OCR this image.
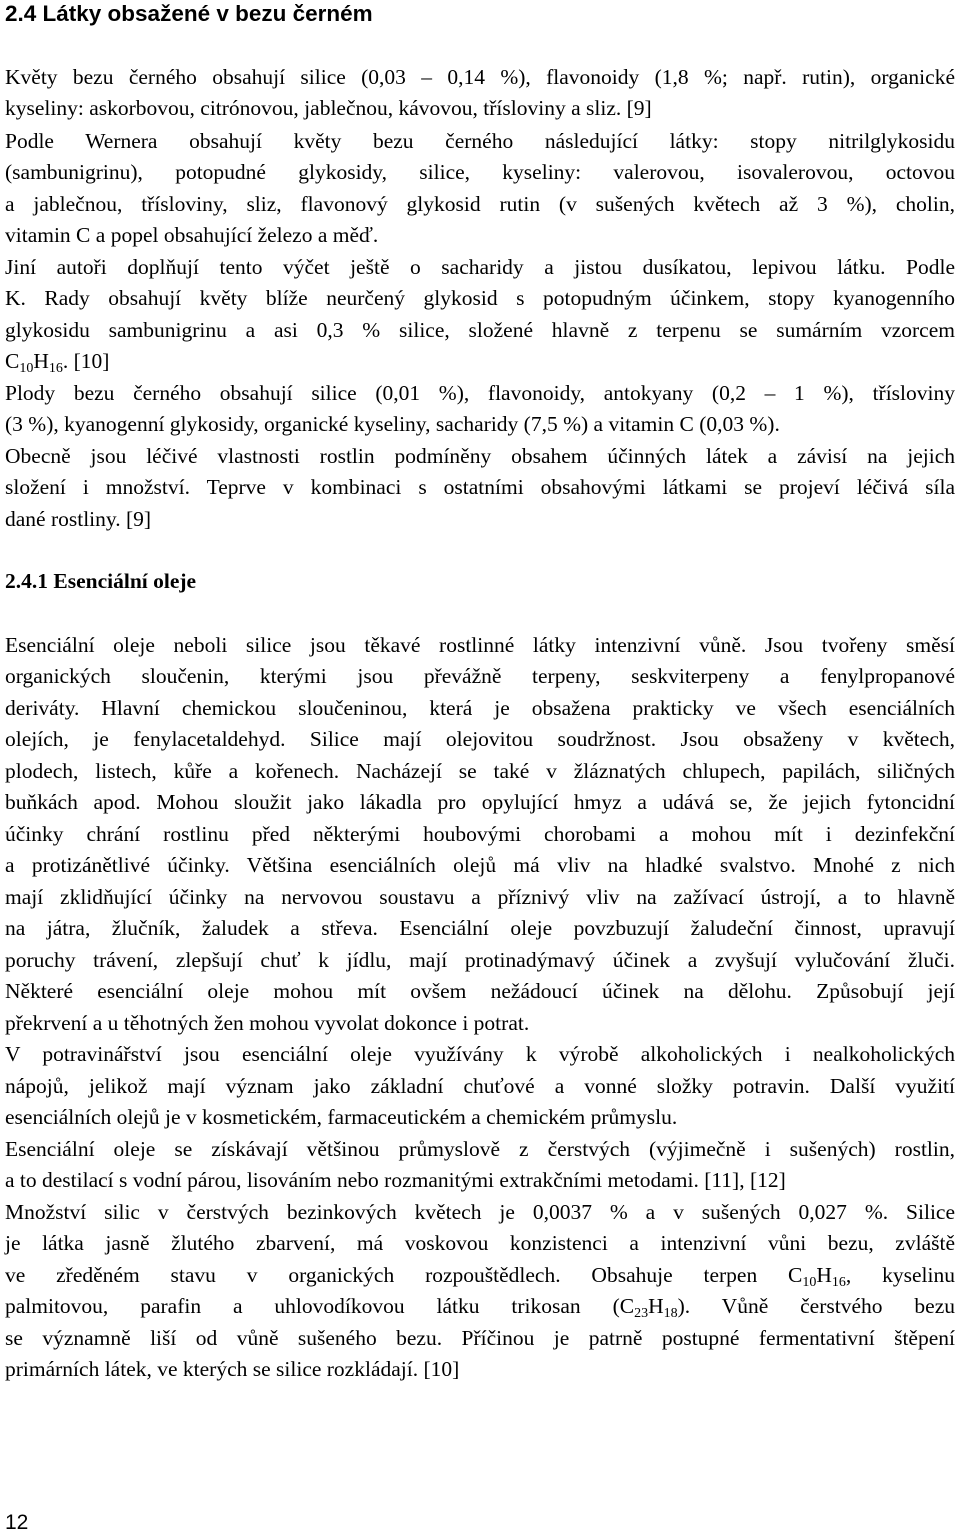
2.4 Látky obsažené v bezu černém
Květy bezu černého obsahují silice (0,03 – 0,14 %), flavonoidy (1,8 %; např. rutin), organické
kyseliny: askorbovou, citrónovou, jablečnou, kávovou, třísloviny a sliz. [9]
Podle Wernera obsahují květy bezu černého následující látky: stopy nitrilglykosidu
(sambunigrinu), potopudné glykosidy, silice, kyseliny: valerovou, isovalerovou, octovou
a jablečnou, třísloviny, sliz, flavonový glykosid rutin (v sušených květech až 3 %), cholin,
vitamin C a popel obsahující železo a měď.
Jiní autoři doplňují tento výčet ještě o sacharidy a jistou dusíkatou, lepivou látku. Podle
K. Rady obsahují květy blíže neurčený glykosid s potopudným účinkem, stopy kyanogenního
glykosidu sambunigrinu a asi 0,3 % silice, složené hlavně z terpenu se sumárním vzorcem
$C_{10}H_{16}$. [10]
Plody bezu černého obsahují silice (0,01 %), flavonoidy, antokyany (0,2 – 1 %), třísloviny
(3 %), kyanogenní glykosidy, organické kyseliny, sacharidy (7,5 %) a vitamin C (0,03 %).
Obecně jsou léčivé vlastnosti rostlin podmíněny obsahem účinných látek a závisí na jejich
složení i množství. Teprve v kombinaci s ostatními obsahovými látkami se projeví léčivá síla
dané rostliny. [9]
2.4.1 Esenciální oleje
Esenciální oleje neboli silice jsou těkavé rostlinné látky intenzivní vůně. Jsou tvořeny směsí
organických sloučenin, kterými jsou převážně terpeny, seskviterpeny a fenylpropanové
deriváty. Hlavní chemickou sloučeninou, která je obsažena prakticky ve všech esenciálních
olejích, je fenylacetaldehyd. Silice mají olejovitou soudržnost. Jsou obsaženy v květech,
plodech, listech, kůře a kořenech. Nacházejí se také v žláznatých chlupech, papilách, siličných
buňkách apod. Mohou sloužit jako lákadla pro opylující hmyz a udává se, že jejich fytoncidní
účinky chrání rostlinu před některými houbovými chorobami a mohou mít i dezinfekční
a protizánětlivé účinky. Většina esenciálních olejů má vliv na hladké svalstvo. Mnohé z nich
mají zklidňující účinky na nervovou soustavu a příznivý vliv na zažívací ústrojí, a to hlavně
na játra, žlučník, žaludek a střeva. Esenciální oleje povzbuzují žaludeční činnost, upravují
poruchy trávení, zlepšují chuť k jídlu, mají protinadýmavý účinek a zvyšují vylučování žluči.
Některé esenciální oleje mohou mít ovšem nežádoucí účinek na dělohu. Způsobují její
překrvení a u těhotných žen mohou vyvolat dokonce i potrat.
V potravinářství jsou esenciální oleje využívány k výrobě alkoholických i nealkoholických
nápojů, jelikož mají význam jako základní chuťové a vonné složky potravin. Další využití
esenciálních olejů je v kosmetickém, farmaceutickém a chemickém průmyslu.
Esenciální oleje se získávají většinou průmyslově z čerstvých (výjimečně i sušených) rostlin,
a to destilací s vodní párou, lisováním nebo rozmanitými extrakčními metodami. [11], [12]
Množství silic v čerstvých bezinkových květech je 0,0037 % a v sušených 0,027 %. Silice
je látka jasně žlutého zbarvení, má voskovou konzistenci a intenzivní vůni bezu, zvláště
ve zředěném stavu v organických rozpouštědlech. Obsahuje terpen $C_{10}H_{16}$, kyselinu
palmitovou, parafin a uhlovodíkovou látku trikosan $(C_{23}H_{18})$. Vůně čerstvého bezu
se významně liší od vůně sušeného bezu. Příčinou je patrně postupné fermentativní štěpení
primárních látek, ve kterých se silice rozkládají. [10]
12
